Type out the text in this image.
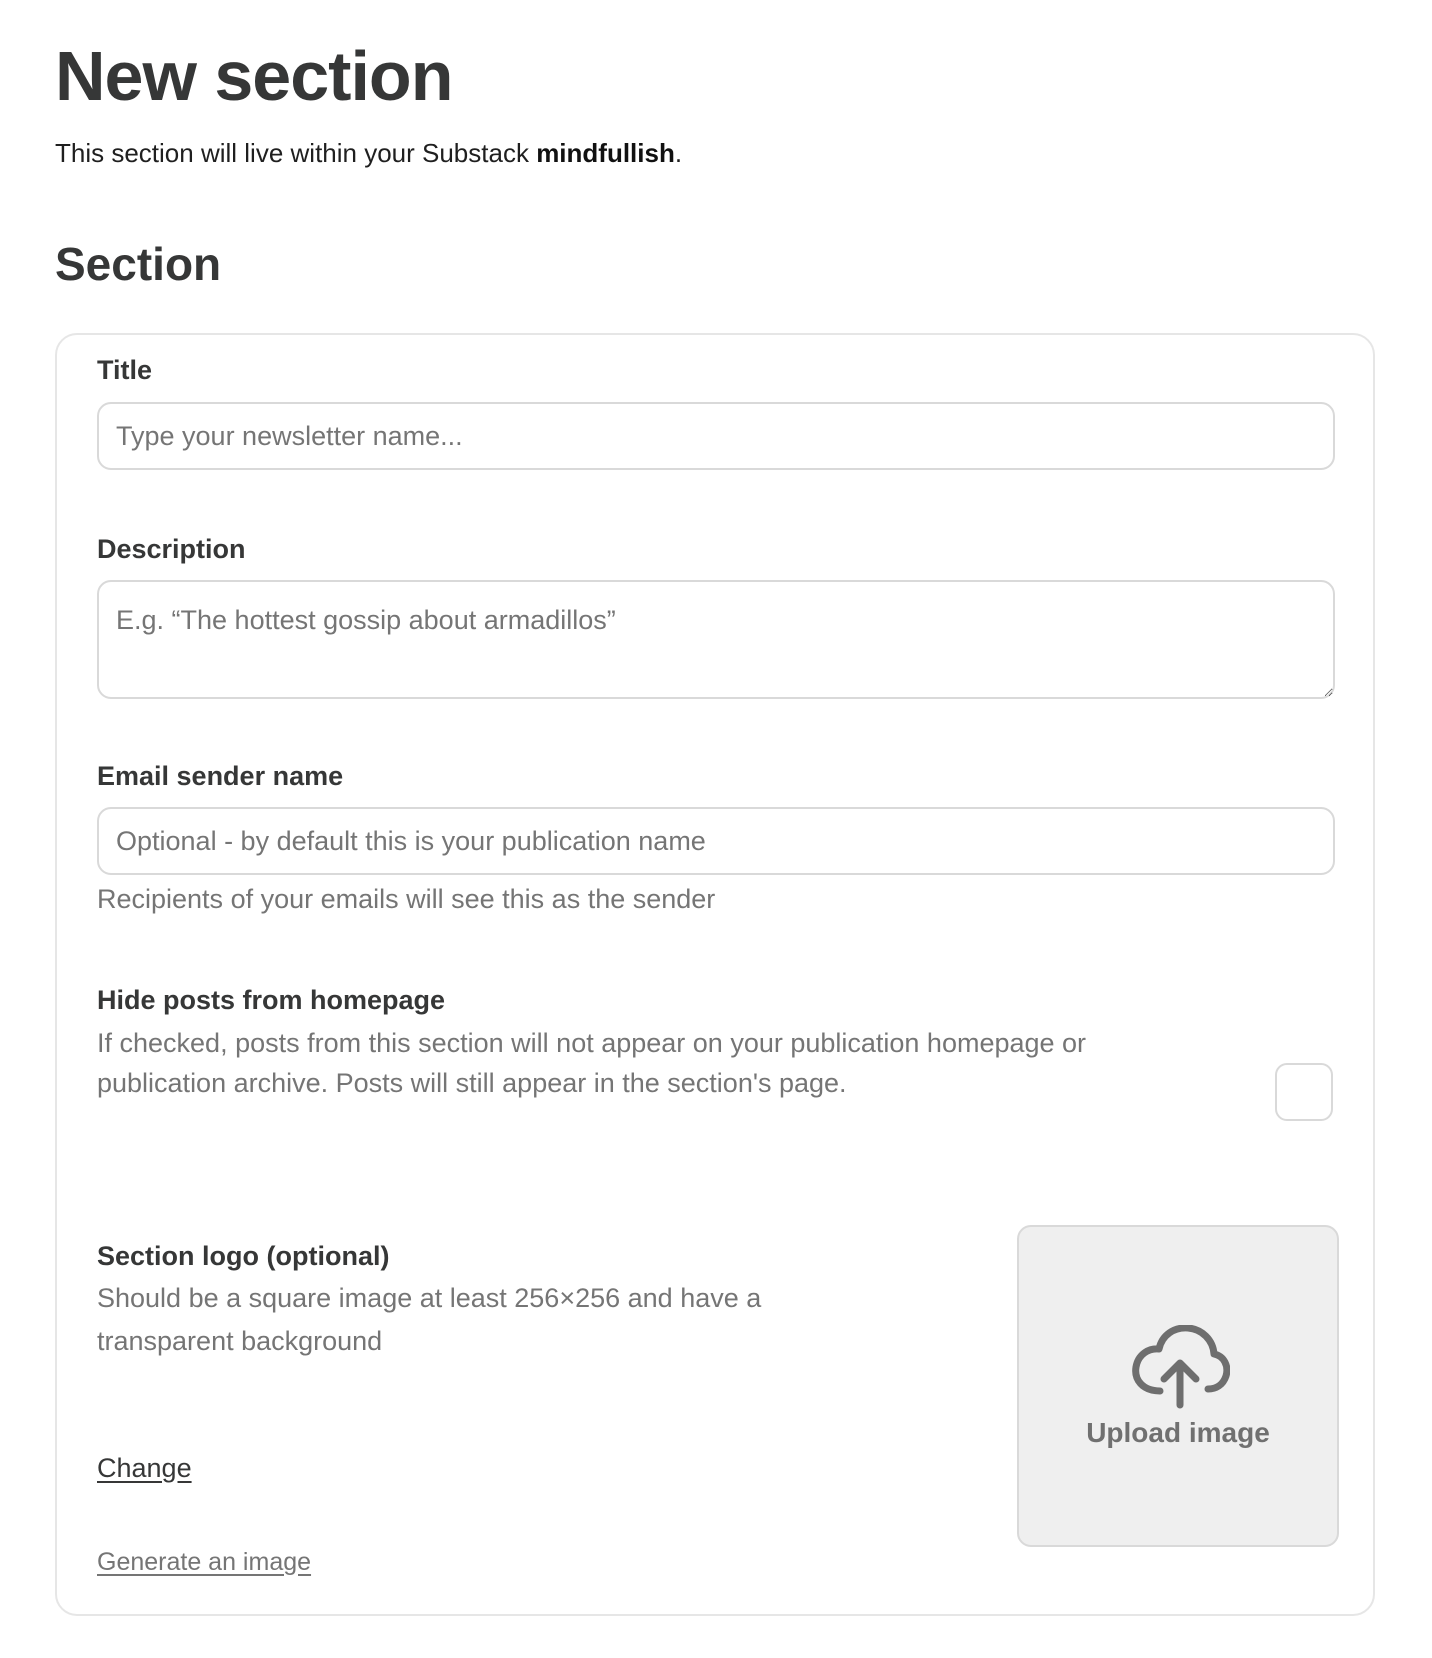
New section
This section will live within your Substack mindfullish.
Section
Title
Type your newsletter name...
Description
E.g. “The hottest gossip about armadillos”
Email sender name
Optional - by default this is your publication name
Recipients of your emails will see this as the sender
Hide posts from homepage
If checked, posts from this section will not appear on your publication homepage or publication archive. Posts will still appear in the section's page.
Section logo (optional)
Should be a square image at least 256×256 and have a transparent background
Change
Generate an image
Upload image
